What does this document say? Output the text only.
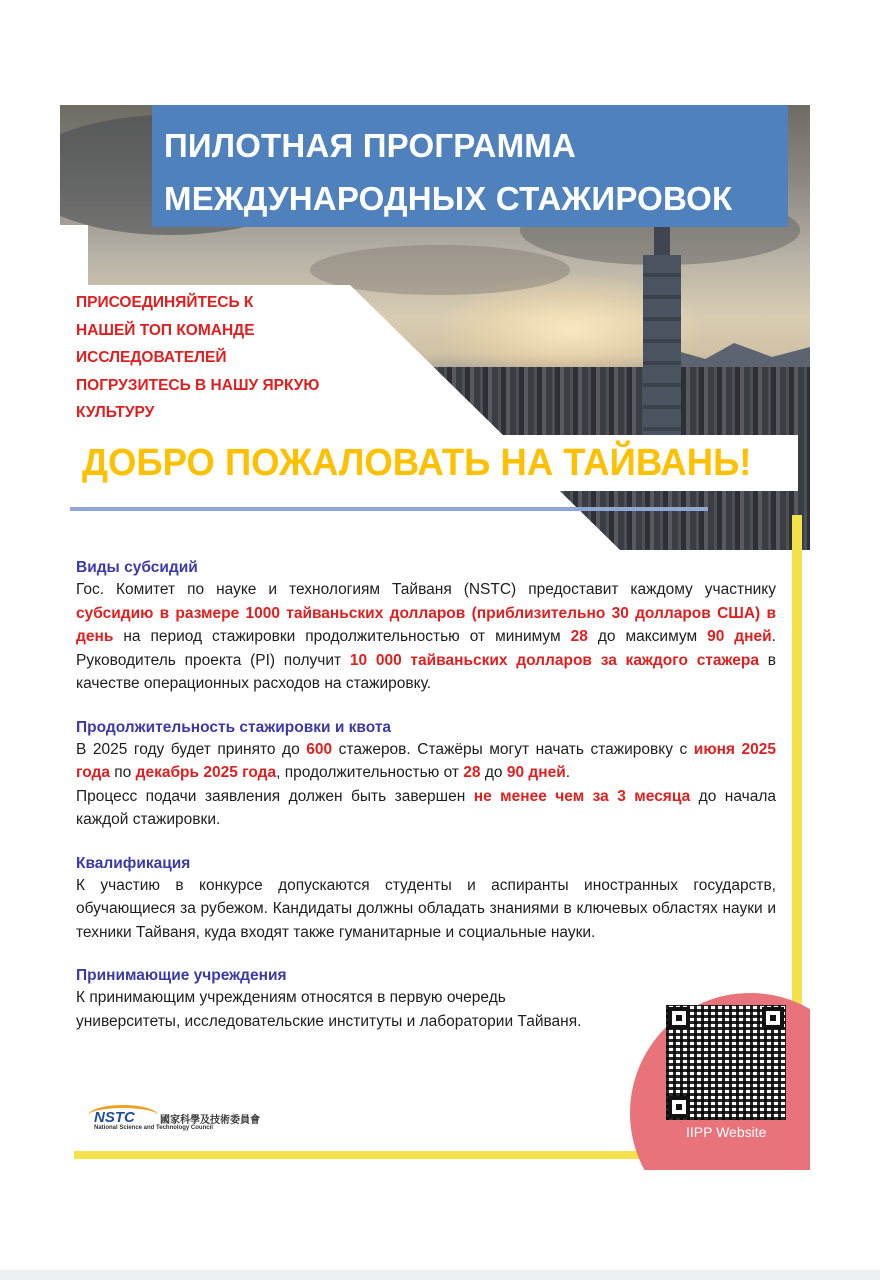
ПИЛОТНАЯ ПРОГРАММА
МЕЖДУНАРОДНЫХ СТАЖИРОВОК
ПРИСОЕДИНЯЙТЕСЬ К
НАШЕЙ ТОП КОМАНДЕ
ИССЛЕДОВАТЕЛЕЙ
ПОГРУЗИТЕСЬ В НАШУ ЯРКУЮ
КУЛЬТУРУ
ДОБРО ПОЖАЛОВАТЬ НА ТАЙВАНЬ!
Виды субсидий

Гос. Комитет по науке и технологиям Тайваня (NSTC) предоставит каждому участнику субсидию в размере 1000 тайваньских долларов (приблизительно 30 долларов США) в день на период стажировки продолжительностью от минимум 28 до максимум 90 дней. Руководитель проекта (PI) получит 10 000 тайваньских долларов за каждого стажера в качестве операционных расходов на стажировку.

Продолжительность стажировки и квота

В 2025 году будет принято до 600 стажеров. Стажёры могут начать стажировку с июня 2025 года по декабрь 2025 года, продолжительностью от 28 до 90 дней.
Процесс подачи заявления должен быть завершен не менее чем за 3 месяца до начала каждой стажировки.

Квалификация

К участию в конкурсе допускаются студенты и аспиранты иностранных государств, обучающиеся за рубежом. Кандидаты должны обладать знаниями в ключевых областях науки и техники Тайваня, куда входят также гуманитарные и социальные науки.

Принимающие учреждения

К принимающим учреждениям относятся в первую очередь
университеты, исследовательские институты и лаборатории Тайваня.

IIPP Website
NSTC	國家科學及技術委員會
National Science and Technology Council
